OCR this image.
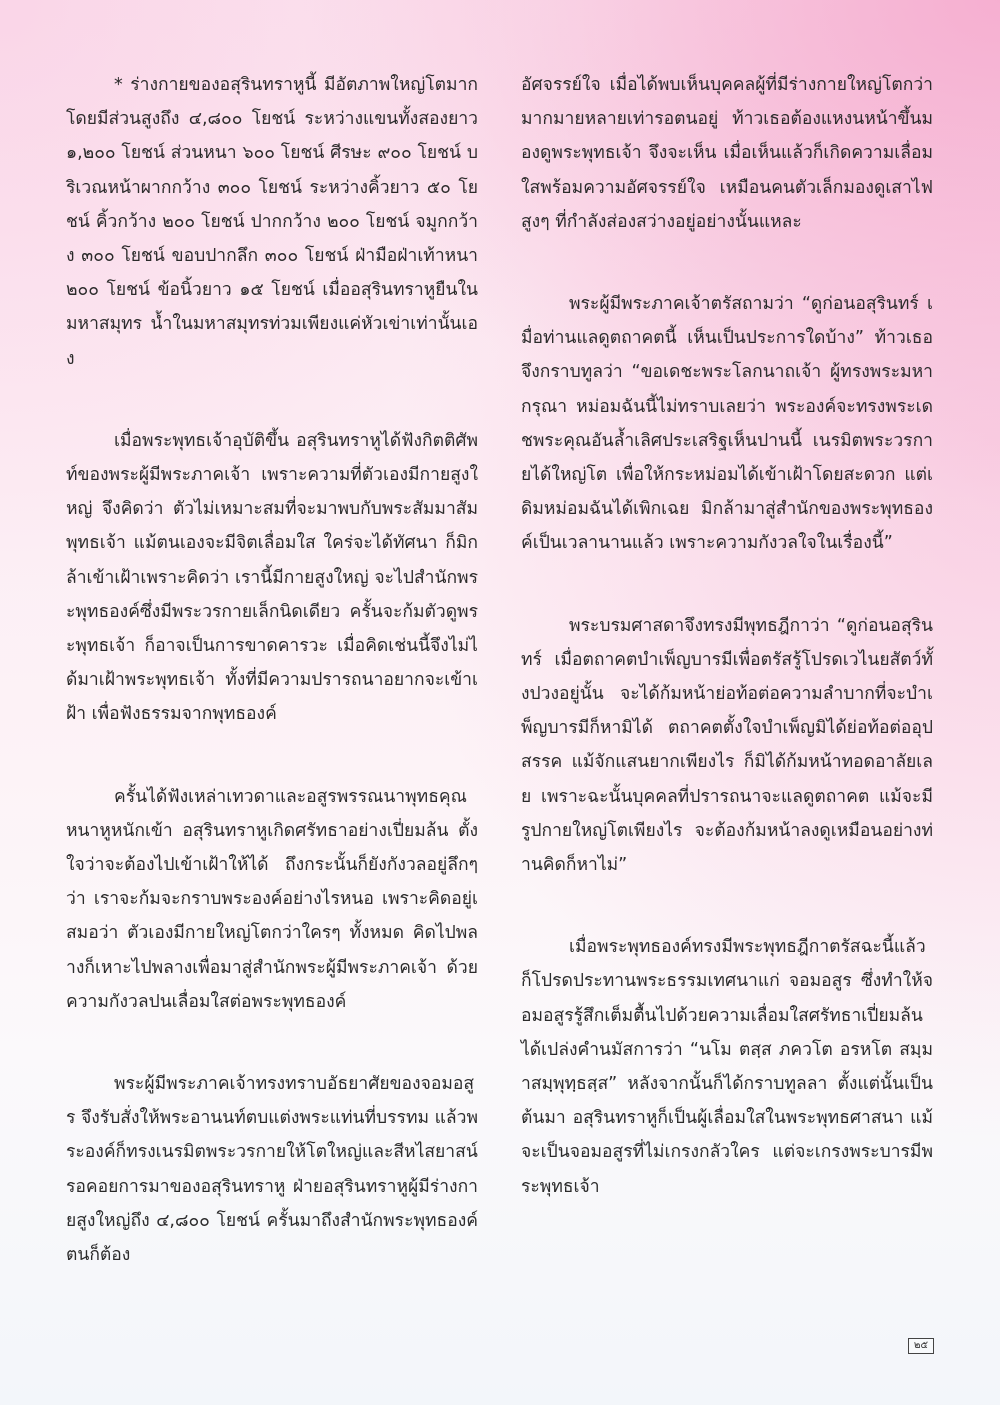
* ร่างกายของอสุรินทราหูนี้ มีอัตภาพใหญ่โตมาก โดยมีส่วนสูงถึง ๔,๘๐๐ โยชน์ ระหว่างแขนทั้งสองยาว ๑,๒๐๐ โยชน์ ส่วนหนา ๖๐๐ โยชน์ ศีรษะ ๙๐๐ โยชน์ บริเวณหน้าผากกว้าง ๓๐๐ โยชน์ ระหว่างคิ้วยาว ๕๐ โยชน์ คิ้วกว้าง ๒๐๐ โยชน์ ปากกว้าง ๒๐๐ โยชน์ จมูกกว้าง ๓๐๐ โยชน์ ขอบปากลึก ๓๐๐ โยชน์ ฝ่ามือฝ่าเท้าหนา ๒๐๐ โยชน์ ข้อนิ้วยาว ๑๕ โยชน์ เมื่ออสุรินทราหูยืนในมหาสมุทร น้ำในมหาสมุทรท่วมเพียงแค่หัวเข่าเท่านั้นเอง

เมื่อพระพุทธเจ้าอุบัติขึ้น อสุรินทราหูได้ฟังกิตติศัพท์ของพระผู้มีพระภาคเจ้า เพราะความที่ตัวเองมีกายสูงใหญ่ จึงคิดว่า ตัวไม่เหมาะสมที่จะมาพบกับพระสัมมาสัมพุทธเจ้า แม้ตนเองจะมีจิตเลื่อมใส ใคร่จะได้ทัศนา ก็มิกล้าเข้าเฝ้าเพราะคิดว่า เรานี้มีกายสูงใหญ่ จะไปสำนักพระพุทธองค์ซึ่งมีพระวรกายเล็กนิดเดียว ครั้นจะก้มตัวดูพระพุทธเจ้า ก็อาจเป็นการขาดคารวะ เมื่อคิดเช่นนี้จึงไม่ได้มาเฝ้าพระพุทธเจ้า ทั้งที่มีความปรารถนาอยากจะเข้าเฝ้า เพื่อฟังธรรมจากพุทธองค์

ครั้นได้ฟังเหล่าเทวดาและอสูรพรรณนาพุทธคุณหนาหูหนักเข้า อสุรินทราหูเกิดศรัทธาอย่างเปี่ยมล้น ตั้งใจว่าจะต้องไปเข้าเฝ้าให้ได้ ถึงกระนั้นก็ยังกังวลอยู่ลึกๆ ว่า เราจะก้มจะกราบพระองค์อย่างไรหนอ เพราะคิดอยู่เสมอว่า ตัวเองมีกายใหญ่โตกว่าใครๆ ทั้งหมด คิดไปพลางก็เหาะไปพลางเพื่อมาสู่สำนักพระผู้มีพระภาคเจ้า ด้วยความกังวลปนเลื่อมใสต่อพระพุทธองค์

พระผู้มีพระภาคเจ้าทรงทราบอัธยาศัยของจอมอสูร จึงรับสั่งให้พระอานนท์ตบแต่งพระแท่นที่บรรทม แล้วพระองค์ก็ทรงเนรมิตพระวรกายให้โตใหญ่และสีหไสยาสน์รอคอยการมาของอสุรินทราหู ฝ่ายอสุรินทราหูผู้มีร่างกายสูงใหญ่ถึง ๔,๘๐๐ โยชน์ ครั้นมาถึงสำนักพระพุทธองค์ ตนก็ต้อง

อัศจรรย์ใจ เมื่อได้พบเห็นบุคคลผู้ที่มีร่างกายใหญ่โตกว่ามากมายหลายเท่ารอตนอยู่ ท้าวเธอต้องแหงนหน้าขึ้นมองดูพระพุทธเจ้า จึงจะเห็น เมื่อเห็นแล้วก็เกิดความเลื่อมใสพร้อมความอัศจรรย์ใจ เหมือนคนตัวเล็กมองดูเสาไฟสูงๆ ที่กำลังส่องสว่างอยู่อย่างนั้นแหละ

พระผู้มีพระภาคเจ้าตรัสถามว่า “ดูก่อนอสุรินทร์ เมื่อท่านแลดูตถาคตนี้ เห็นเป็นประการใดบ้าง” ท้าวเธอจึงกราบทูลว่า “ขอเดชะพระโลกนาถเจ้า ผู้ทรงพระมหากรุณา หม่อมฉันนี้ไม่ทราบเลยว่า พระองค์จะทรงพระเดชพระคุณอันล้ำเลิศประเสริฐเห็นปานนี้ เนรมิตพระวรกายได้ใหญ่โต เพื่อให้กระหม่อมได้เข้าเฝ้าโดยสะดวก แต่เดิมหม่อมฉันได้เพิกเฉย มิกล้ามาสู่สำนักของพระพุทธองค์เป็นเวลานานแล้ว เพราะความกังวลใจในเรื่องนี้”

พระบรมศาสดาจึงทรงมีพุทธฎีกาว่า “ดูก่อนอสุรินทร์ เมื่อตถาคตบำเพ็ญบารมีเพื่อตรัสรู้โปรดเวไนยสัตว์ทั้งปวงอยู่นั้น จะได้ก้มหน้าย่อท้อต่อความลำบากที่จะบำเพ็ญบารมีก็หามิได้ ตถาคตตั้งใจบำเพ็ญมิได้ย่อท้อต่ออุปสรรค แม้จักแสนยากเพียงไร ก็มิได้ก้มหน้าทอดอาลัยเลย เพราะฉะนั้นบุคคลที่ปรารถนาจะแลดูตถาคต แม้จะมีรูปกายใหญ่โตเพียงไร จะต้องก้มหน้าลงดูเหมือนอย่างท่านคิดก็หาไม่”

เมื่อพระพุทธองค์ทรงมีพระพุทธฎีกาตรัสฉะนี้แล้ว ก็โปรดประทานพระธรรมเทศนาแก่ จอมอสูร ซึ่งทำให้จอมอสูรรู้สึกเต็มตื้นไปด้วยความเลื่อมใสศรัทธาเปี่ยมล้น ได้เปล่งคำนมัสการว่า “นโม ตสฺส ภควโต อรหโต สมฺมาสมฺพุทฺธสฺส” หลังจากนั้นก็ได้กราบทูลลา ตั้งแต่นั้นเป็นต้นมา อสุรินทราหูก็เป็นผู้เลื่อมใสในพระพุทธศาสนา แม้จะเป็นจอมอสูรที่ไม่เกรงกลัวใคร แต่จะเกรงพระบารมีพระพุทธเจ้า

๒๕
